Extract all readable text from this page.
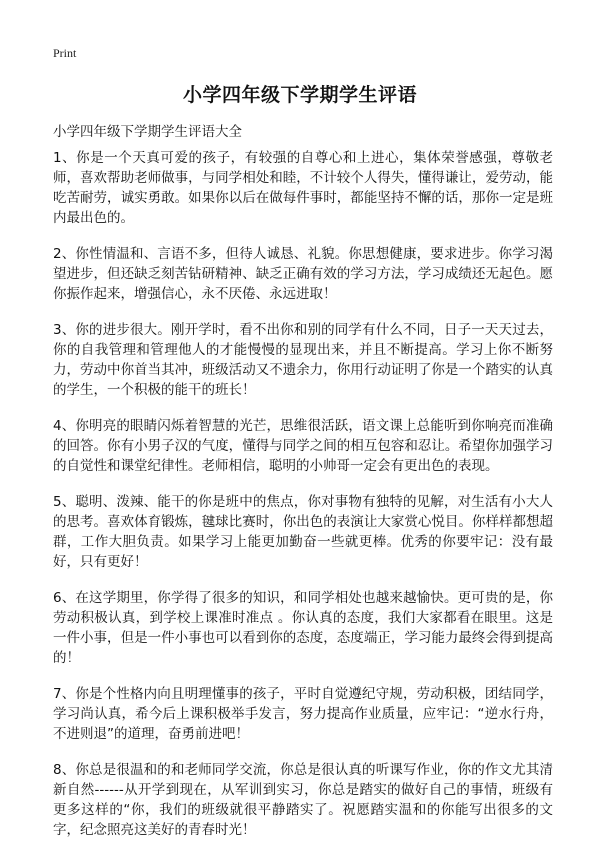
Print
小学四年级下学期学生评语

小学四年级下学期学生评语大全

1、你是一个天真可爱的孩子，有较强的自尊心和上进心，集体荣誉感强，尊敬老师，喜欢帮助老师做事，与同学相处和睦，不计较个人得失，懂得谦让，爱劳动，能吃苦耐劳，诚实勇敢。如果你以后在做每件事时，都能坚持不懈的话，那你一定是班内最出色的。

2、你性情温和、言语不多，但待人诚恳、礼貌。你思想健康，要求进步。你学习渴望进步，但还缺乏刻苦钻研精神、缺乏正确有效的学习方法，学习成绩还无起色。愿你振作起来，增强信心，永不厌倦、永远进取！

3、你的进步很大。刚开学时，看不出你和别的同学有什么不同，日子一天天过去，你的自我管理和管理他人的才能慢慢的显现出来，并且不断提高。学习上你不断努力，劳动中你首当其冲，班级活动又不遗余力，你用行动证明了你是一个踏实的认真的学生，一个积极的能干的班长！

4、你明亮的眼睛闪烁着智慧的光芒，思维很活跃，语文课上总能听到你响亮而准确的回答。你有小男子汉的气度，懂得与同学之间的相互包容和忍让。希望你加强学习的自觉性和课堂纪律性。老师相信，聪明的小帅哥一定会有更出色的表现。

5、聪明、泼辣、能干的你是班中的焦点，你对事物有独特的见解，对生活有小大人的思考。喜欢体育锻炼，毽球比赛时，你出色的表演让大家赏心悦目。你样样都想超群，工作大胆负责。如果学习上能更加勤奋一些就更棒。优秀的你要牢记：没有最好，只有更好！

6、在这学期里，你学得了很多的知识，和同学相处也越来越愉快。更可贵的是，你劳动积极认真，到学校上课准时准点 。你认真的态度，我们大家都看在眼里。这是一件小事，但是一件小事也可以看到你的态度，态度端正，学习能力最终会得到提高的！

7、你是个性格内向且明理懂事的孩子，平时自觉遵纪守规，劳动积极，团结同学，学习尚认真，希今后上课积极举手发言，努力提高作业质量，应牢记：“逆水行舟，不进则退”的道理，奋勇前进吧！

8、你总是很温和的和老师同学交流，你总是很认真的听课写作业，你的作文尤其清新自然------从开学到现在，从军训到实习，你总是踏实的做好自己的事情，班级有更多这样的“你，我们的班级就很平静踏实了。祝愿踏实温和的你能写出很多的文字，纪念照亮这美好的青春时光！
